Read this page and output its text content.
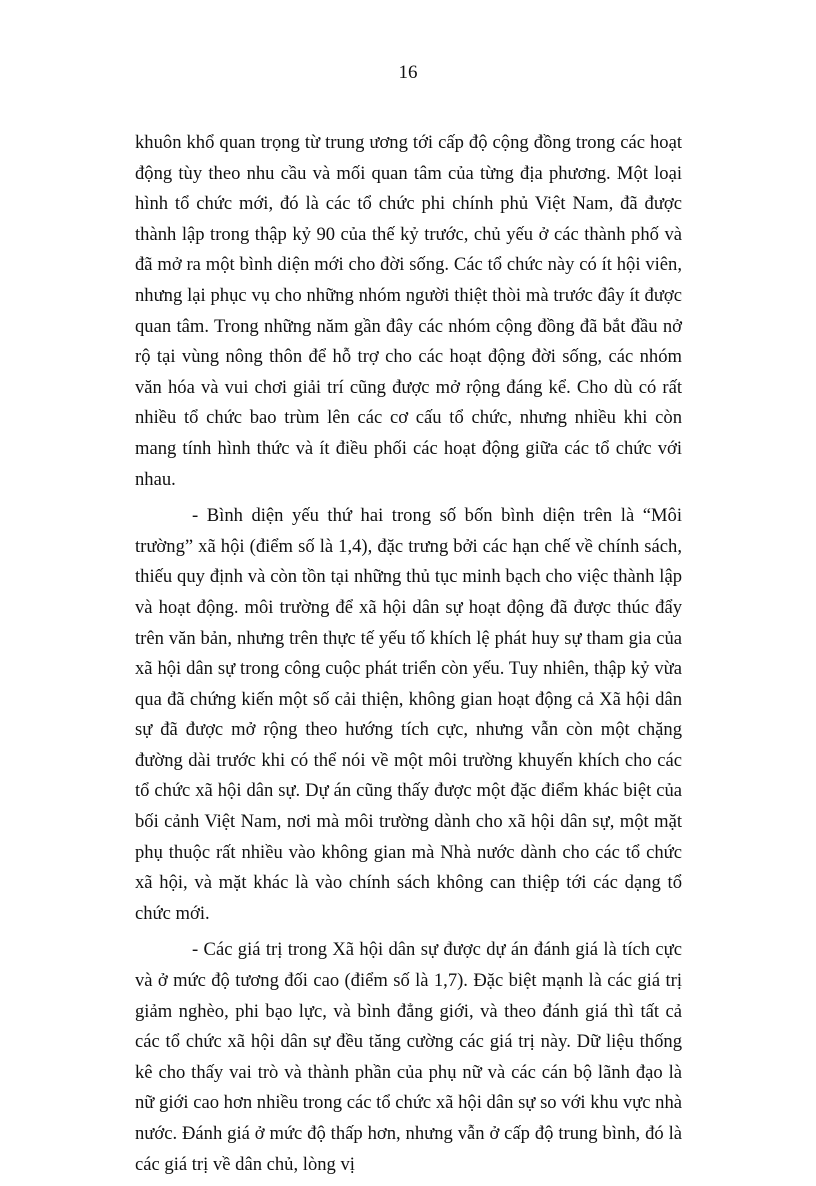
16

khuôn khổ quan trọng từ trung ương tới cấp độ cộng đồng trong các hoạt động tùy theo nhu cầu và mối quan tâm của từng địa phương. Một loại hình tổ chức mới, đó là các tổ chức phi chính phủ Việt Nam, đã được thành lập trong thập kỷ 90 của thế kỷ trước, chủ yếu ở các thành phố và đã mở ra một bình diện mới cho đời sống. Các tổ chức này có ít hội viên, nhưng lại phục vụ cho những nhóm người thiệt thòi mà trước đây ít được quan tâm. Trong những năm gần đây các nhóm cộng đồng đã bắt đầu nở rộ tại vùng nông thôn để hỗ trợ cho các hoạt động đời sống, các nhóm văn hóa và vui chơi giải trí cũng được mở rộng đáng kể. Cho dù có rất nhiều tổ chức bao trùm lên các cơ cấu tổ chức, nhưng nhiều khi còn mang tính hình thức và ít điều phối các hoạt động giữa các tổ chức với nhau.

- Bình diện yếu thứ hai trong số bốn bình diện trên là “Môi trường” xã hội (điểm số là 1,4), đặc trưng bởi các hạn chế về chính sách, thiếu quy định và còn tồn tại những thủ tục minh bạch cho việc thành lập và hoạt động. môi trường để xã hội dân sự hoạt động đã được thúc đẩy trên văn bản, nhưng trên thực tế yếu tố khích lệ phát huy sự tham gia của xã hội dân sự trong công cuộc phát triển còn yếu. Tuy nhiên, thập kỷ vừa qua đã chứng kiến một số cải thiện, không gian hoạt động cả Xã hội dân sự đã được mở rộng theo hướng tích cực, nhưng vẫn còn một chặng đường dài trước khi có thể nói về một môi trường khuyến khích cho các tổ chức xã hội dân sự. Dự án cũng thấy được một đặc điểm khác biệt của bối cảnh Việt Nam, nơi mà môi trường dành cho xã hội dân sự, một mặt phụ thuộc rất nhiều vào không gian mà Nhà nước dành cho các tổ chức xã hội, và mặt khác là vào chính sách không can thiệp tới các dạng tổ chức mới.

- Các giá trị trong Xã hội dân sự được dự án đánh giá là tích cực và ở mức độ tương đối cao (điểm số là 1,7). Đặc biệt mạnh là các giá trị giảm nghèo, phi bạo lực, và bình đẳng giới, và theo đánh giá thì tất cả các tổ chức xã hội dân sự đều tăng cường các giá trị này. Dữ liệu thống kê cho thấy vai trò và thành phần của phụ nữ và các cán bộ lãnh đạo là nữ giới cao hơn nhiều trong các tổ chức xã hội dân sự so với khu vực nhà nước. Đánh giá ở mức độ thấp hơn, nhưng vẫn ở cấp độ trung bình, đó là các giá trị về dân chủ, lòng vị
